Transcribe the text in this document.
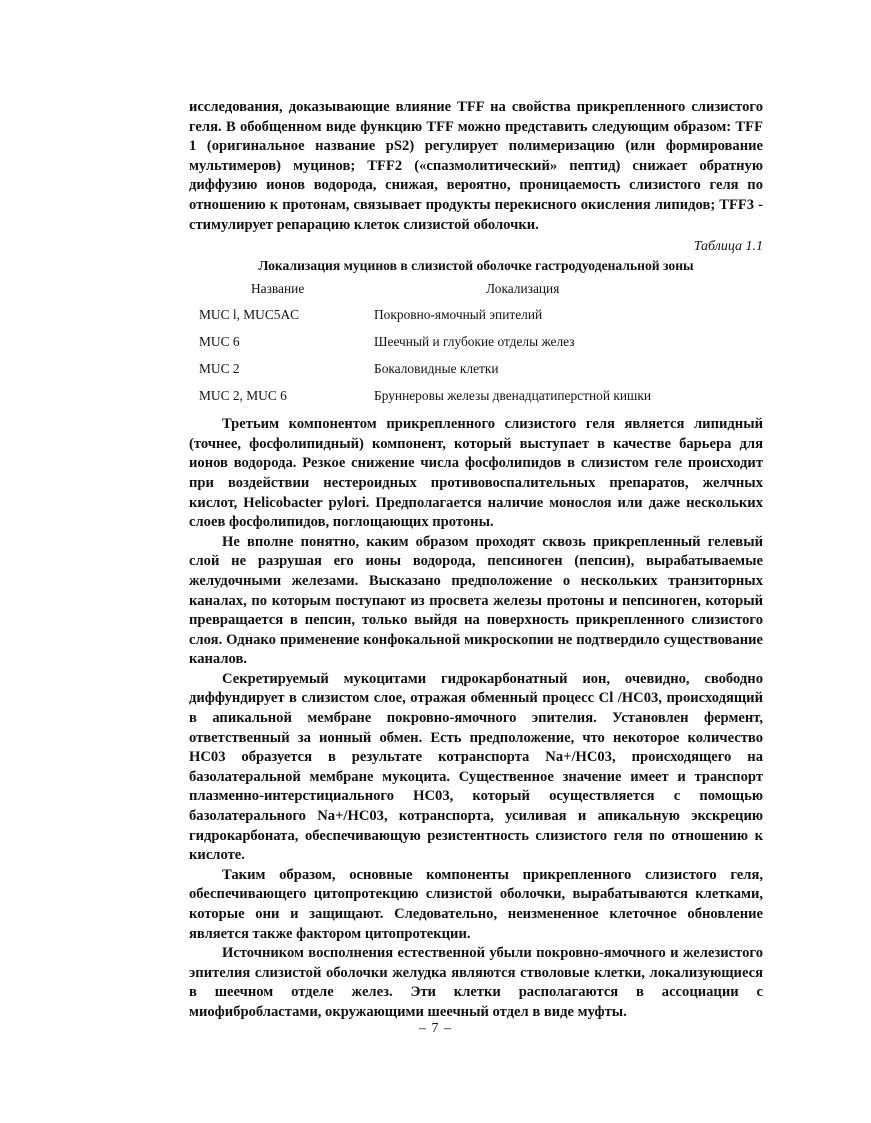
исследования, доказывающие влияние TFF на свойства прикрепленного слизистого геля. В обобщенном виде функцию TFF можно представить следующим образом: TFF 1 (оригинальное название pS2) регулирует полимеризацию (или формирование мультимеров) муцинов; TFF2 («спазмолитический» пептид) снижает обратную диффузию ионов водорода, снижая, вероятно, проницаемость слизистого геля по отношению к протонам, связывает продукты перекисного окисления липидов; TFF3 - стимулирует репарацию клеток слизистой оболочки.

Таблица 1.1

Локализация муцинов в слизистой оболочке гастродуоденальной зоны

Название	Локализация
MUC l, MUC5AC	Покровно-ямочный эпителий
MUC 6	Шеечный и глубокие отделы желез
MUC 2	Бокаловидные клетки
MUC 2, MUC 6	Бруннеровы железы двенадцатиперстной кишки

Третьим компонентом прикрепленного слизистого геля является липидный (точнее, фосфолипидный) компонент, который выступает в качестве барьера для ионов водорода. Резкое снижение числа фосфолипидов в слизистом геле происходит при воздействии нестероидных противовоспалительных препаратов, желчных кислот, Helicobacter pylori. Предполагается наличие монослоя или даже нескольких слоев фосфолипидов, поглощающих протоны.

Не вполне понятно, каким образом проходят сквозь прикрепленный гелевый слой не разрушая его ионы водорода, пепсиноген (пепсин), вырабатываемые желудочными железами. Высказано предположение о нескольких транзиторных каналах, по которым поступают из просвета железы протоны и пепсиноген, который превращается в пепсин, только выйдя на поверхность прикрепленного слизистого слоя. Однако применение конфокальной микроскопии не подтвердило существование каналов.

Секретируемый мукоцитами гидрокарбонатный ион, очевидно, свободно диффундирует в слизистом слое, отражая обменный процесс Cl /HC03, происходящий в апикальной мембране покровно-ямочного эпителия. Установлен фермент, ответственный за ионный обмен. Есть предположение, что некоторое количество HC03 образуется в результате котранспорта Na+/HC03, происходящего на базолатеральной мембране мукоцита. Существенное значение имеет и транспорт плазменно-интерстициального HC03, который осуществляется с помощью базолатерального Na+/HC03, котранспорта, усиливая и апикальную экскрецию гидрокарбоната, обеспечивающую резистентность слизистого геля по отношению к кислоте.

Таким образом, основные компоненты прикрепленного слизистого геля, обеспечивающего цитопротекцию слизистой оболочки, вырабатываются клетками, которые они и защищают. Следовательно, неизмененное клеточное обновление является также фактором цитопротекции.

Источником восполнения естественной убыли покровно-ямочного и железистого эпителия слизистой оболочки желудка являются стволовые клетки, локализующиеся в шеечном отделе желез. Эти клетки располагаются в ассоциации с миофибробластами, окружающими шеечный отдел в виде муфты.

– 7 –
